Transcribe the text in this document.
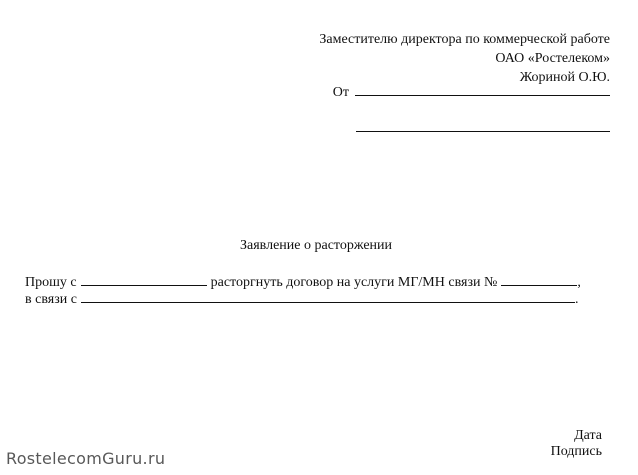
Заместителю директора по коммерческой работе
ОАО «Ростелеком»
Жориной О.Ю.
От
Заявление о расторжении
Прошу с	расторгнуть договор на услуги МГ/МН связи №	,
в связи с	.
Дата
Подпись
RostelecomGuru.ru
